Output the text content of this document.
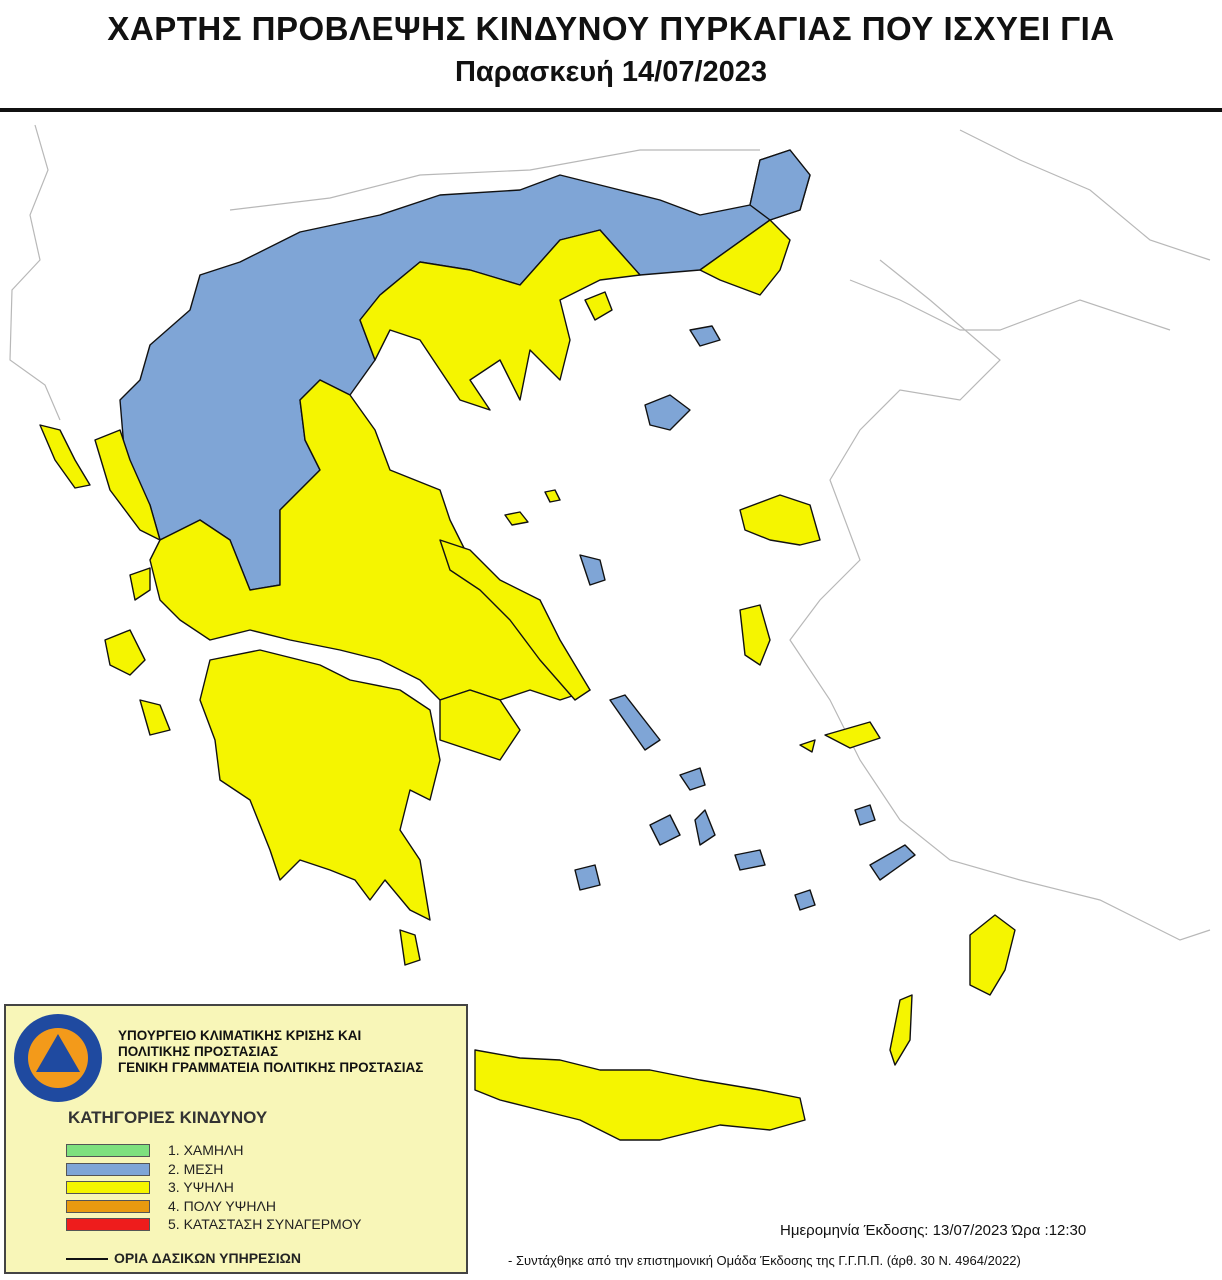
ΧΑΡΤΗΣ ΠΡΟΒΛΕΨΗΣ ΚΙΝΔΥΝΟΥ ΠΥΡΚΑΓΙΑΣ ΠΟΥ ΙΣΧΥΕΙ ΓΙΑ
Παρασκευή 14/07/2023
ΥΠΟΥΡΓΕΙΟ ΚΛΙΜΑΤΙΚΗΣ ΚΡΙΣΗΣ ΚΑΙ
ΠΟΛΙΤΙΚΗΣ ΠΡΟΣΤΑΣΙΑΣ
ΓΕΝΙΚΗ ΓΡΑΜΜΑΤΕΙΑ ΠΟΛΙΤΙΚΗΣ ΠΡΟΣΤΑΣΙΑΣ
ΚΑΤΗΓΟΡΙΕΣ ΚΙΝΔΥΝΟΥ
1. ΧΑΜΗΛΗ
2. ΜΕΣΗ
3. ΥΨΗΛΗ
4. ΠΟΛΥ ΥΨΗΛΗ
5. ΚΑΤΑΣΤΑΣΗ ΣΥΝΑΓΕΡΜΟΥ
ΟΡΙΑ ΔΑΣΙΚΩΝ ΥΠΗΡΕΣΙΩΝ
Ημερομηνία Έκδοσης: 13/07/2023 Ώρα :12:30
- Συντάχθηκε από την επιστημονική Ομάδα Έκδοσης της Γ.Γ.Π.Π. (άρθ. 30 Ν. 4964/2022)
